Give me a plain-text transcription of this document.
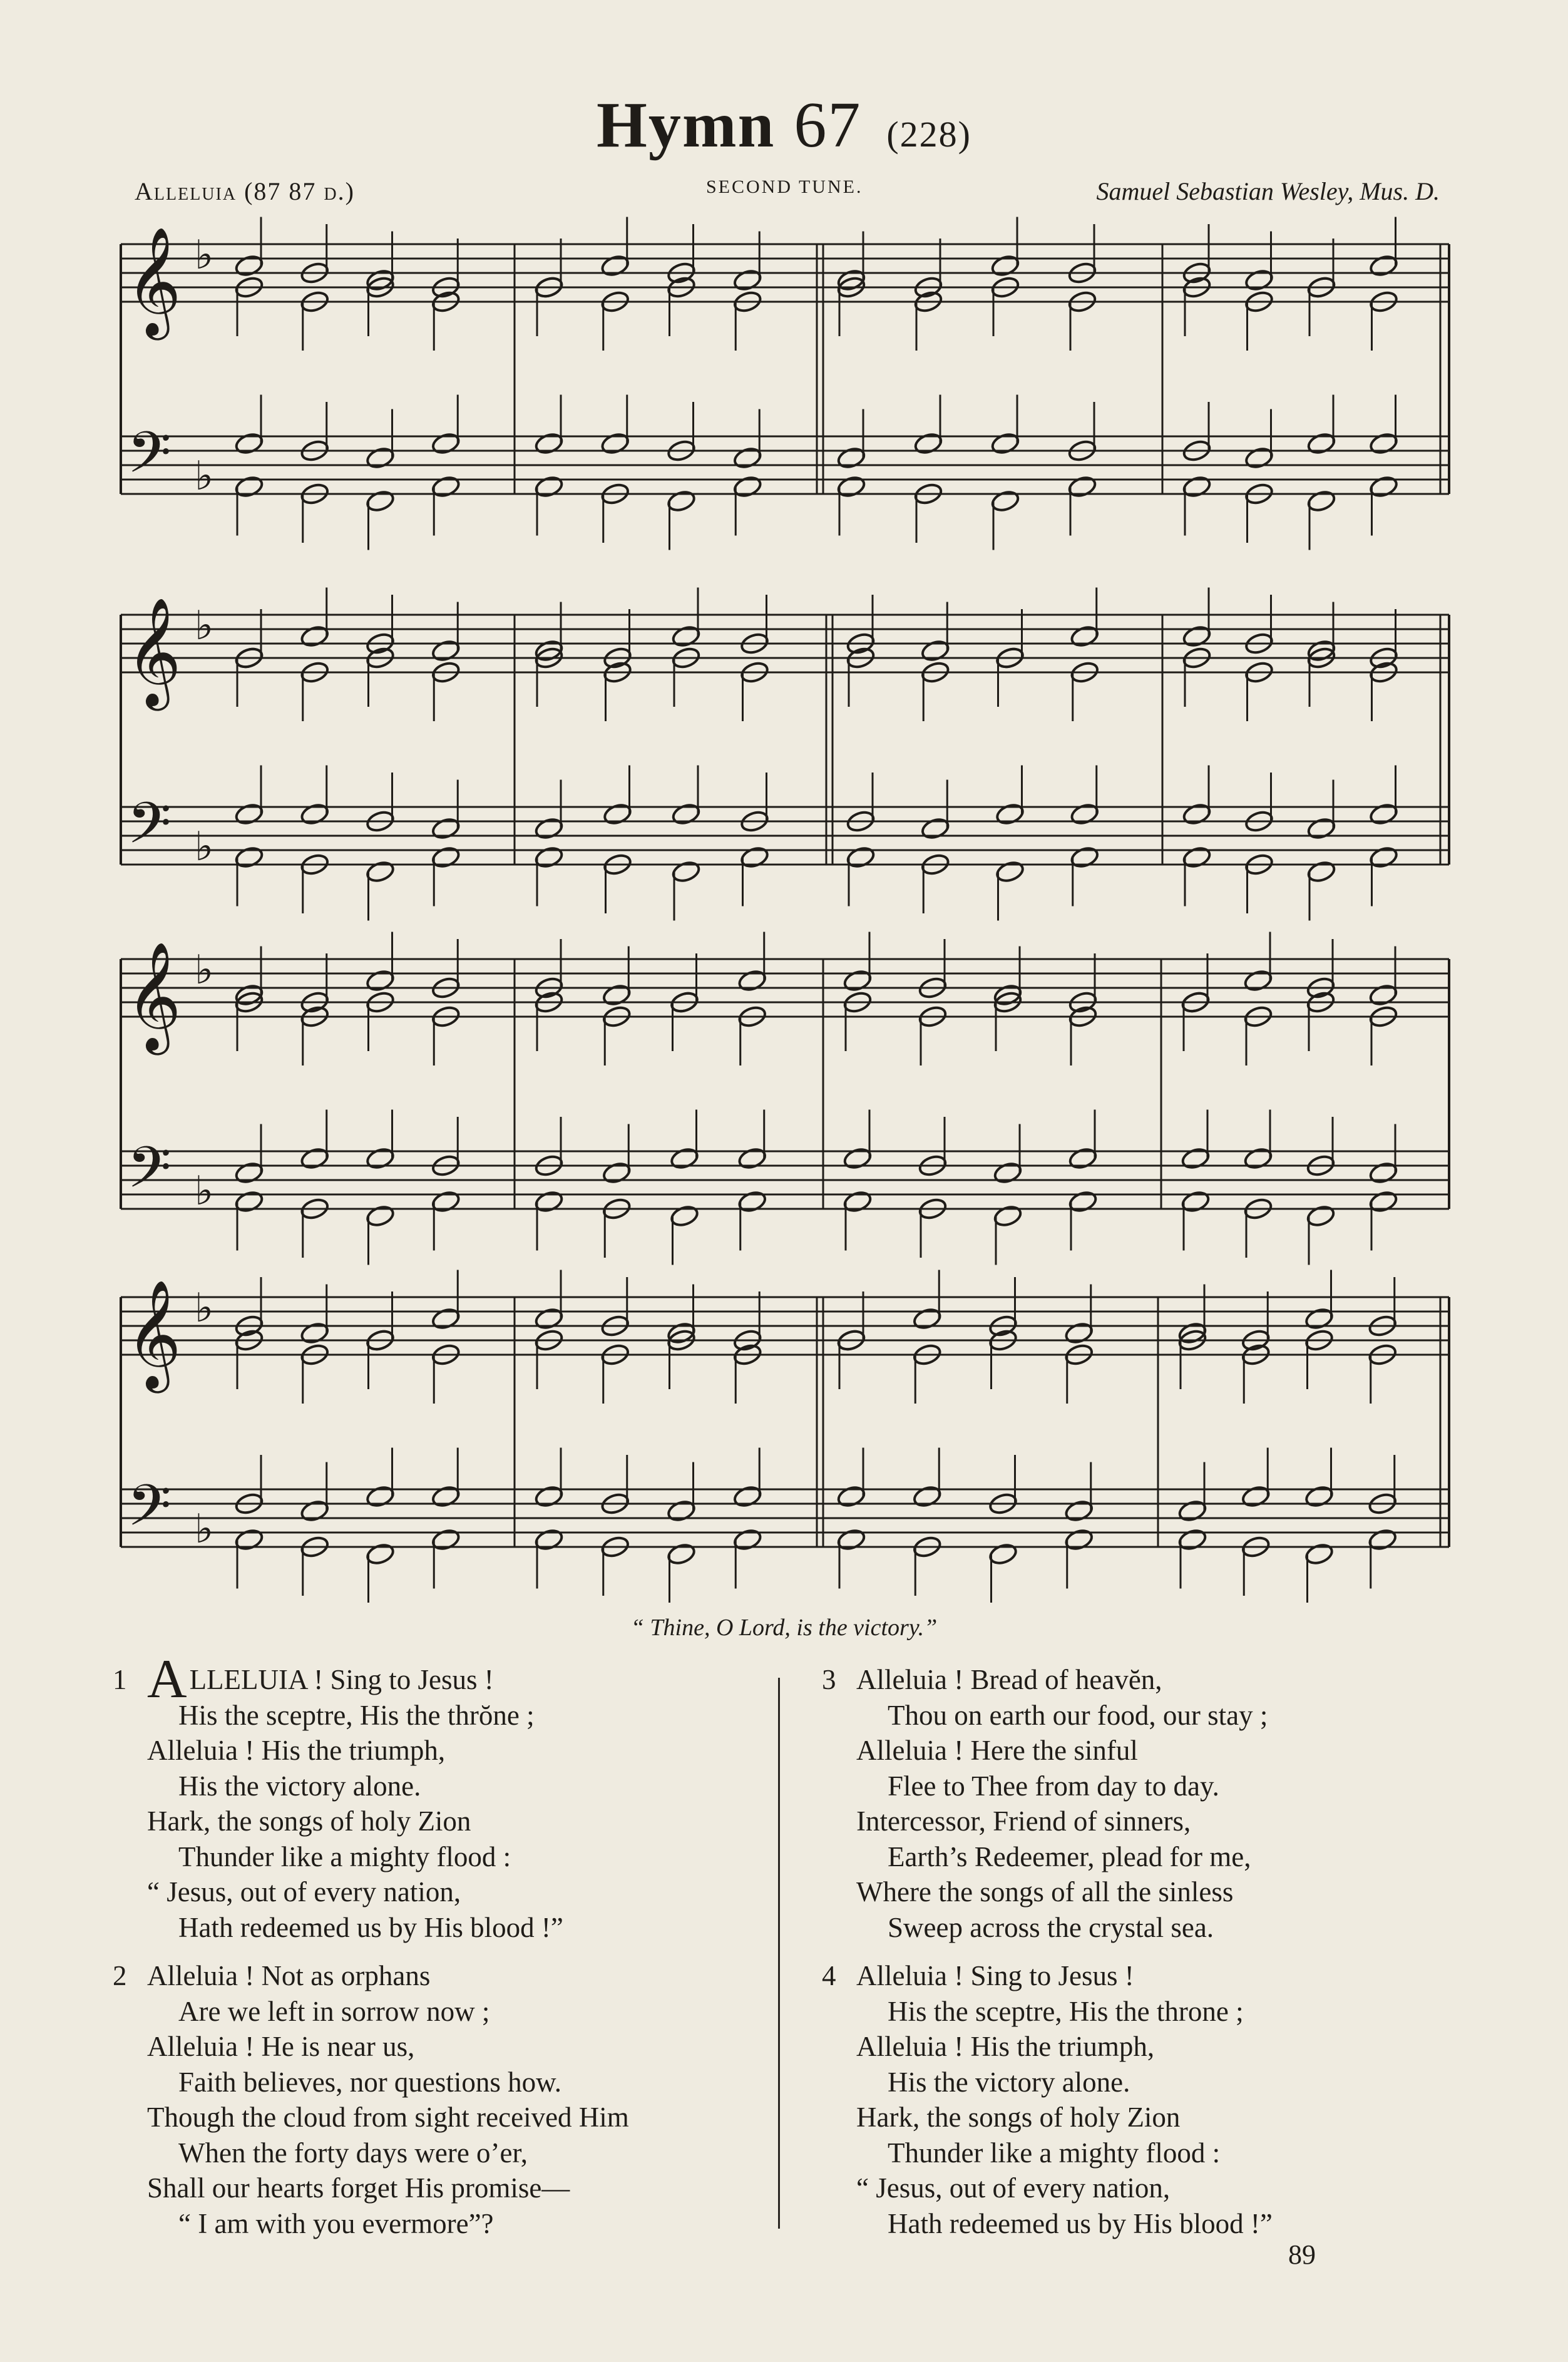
Hymn 67 (228)
Alleluia (87 87 d.)	SECOND TUNE.	Samuel Sebastian Wesley, Mus. D.
𝄞
𝄢
♭
♭
𝄞
𝄢
♭
♭
𝄞
𝄢
♭
♭
𝄞
𝄢
♭
♭
“ Thine, O Lord, is the victory.”
1 ALLELUIA ! Sing to Jesus !
His the sceptre, His the thrŏne ;
Alleluia ! His the triumph,
His the victory alone.
Hark, the songs of holy Zion
Thunder like a mighty flood :
“ Jesus, out of every nation,
Hath redeemed us by His blood !”
2 Alleluia ! Not as orphans
Are we left in sorrow now ;
Alleluia ! He is near us,
Faith believes, nor questions how.
Though the cloud from sight received Him
When the forty days were o’er,
Shall our hearts forget His promise—
“ I am with you evermore”?
3 Alleluia ! Bread of heavĕn,
Thou on earth our food, our stay ;
Alleluia ! Here the sinful
Flee to Thee from day to day.
Intercessor, Friend of sinners,
Earth’s Redeemer, plead for me,
Where the songs of all the sinless
Sweep across the crystal sea.
4 Alleluia ! Sing to Jesus !
His the sceptre, His the throne ;
Alleluia ! His the triumph,
His the victory alone.
Hark, the songs of holy Zion
Thunder like a mighty flood :
“ Jesus, out of every nation,
Hath redeemed us by His blood !”
89
